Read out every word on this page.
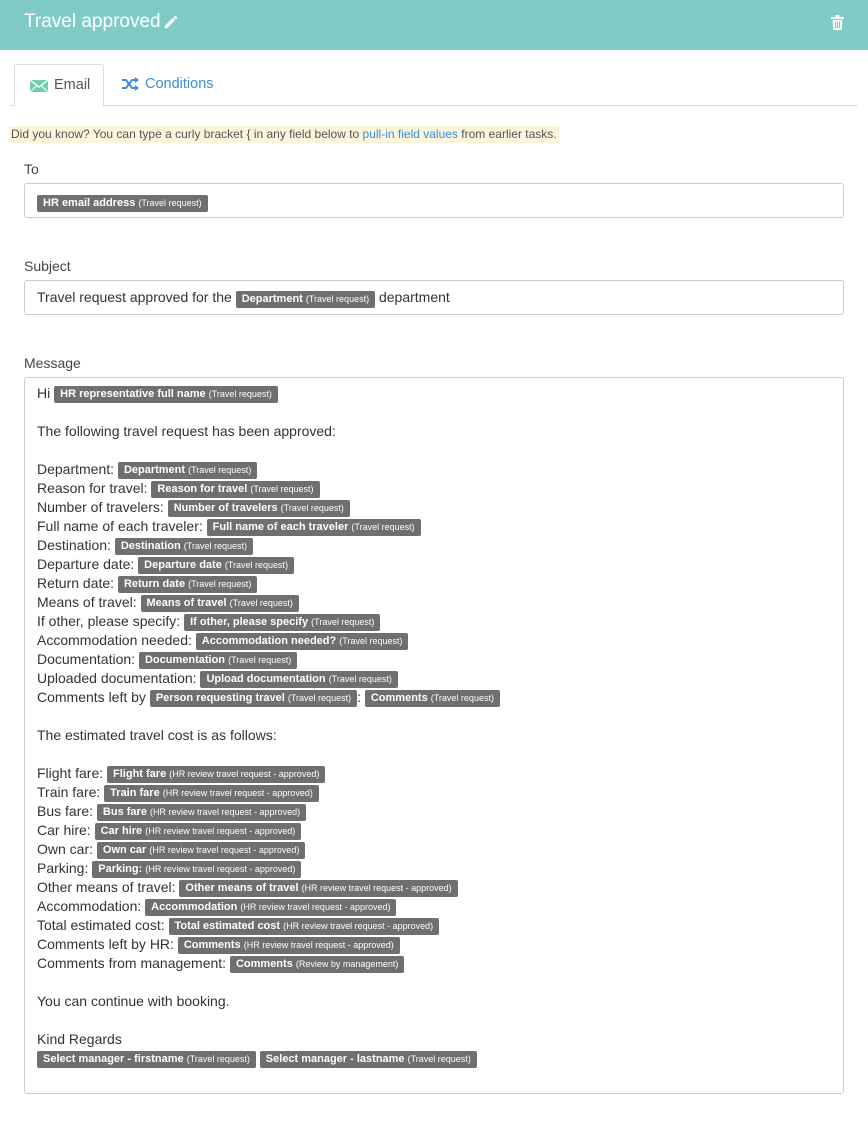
Travel approved
Email	Conditions
Did you know? You can type a curly bracket { in any field below to pull-in field values from earlier tasks.
To
HR email address (Travel request)
Subject
Travel request approved for the Department (Travel request) department
Message
Hi HR representative full name (Travel request)
The following travel request has been approved:
Department: Department (Travel request)
Reason for travel: Reason for travel (Travel request)
Number of travelers: Number of travelers (Travel request)
Full name of each traveler: Full name of each traveler (Travel request)
Destination: Destination (Travel request)
Departure date: Departure date (Travel request)
Return date: Return date (Travel request)
Means of travel: Means of travel (Travel request)
If other, please specify: If other, please specify (Travel request)
Accommodation needed: Accommodation needed? (Travel request)
Documentation: Documentation (Travel request)
Uploaded documentation: Upload documentation (Travel request)
Comments left by Person requesting travel (Travel request) : Comments (Travel request)
The estimated travel cost is as follows:
Flight fare: Flight fare (HR review travel request - approved)
Train fare: Train fare (HR review travel request - approved)
Bus fare: Bus fare (HR review travel request - approved)
Car hire: Car hire (HR review travel request - approved)
Own car: Own car (HR review travel request - approved)
Parking: Parking: (HR review travel request - approved)
Other means of travel: Other means of travel (HR review travel request - approved)
Accommodation: Accommodation (HR review travel request - approved)
Total estimated cost: Total estimated cost (HR review travel request - approved)
Comments left by HR: Comments (HR review travel request - approved)
Comments from management: Comments (Review by management)
You can continue with booking.
Kind Regards
Select manager - firstname (Travel request) Select manager - lastname (Travel request)
